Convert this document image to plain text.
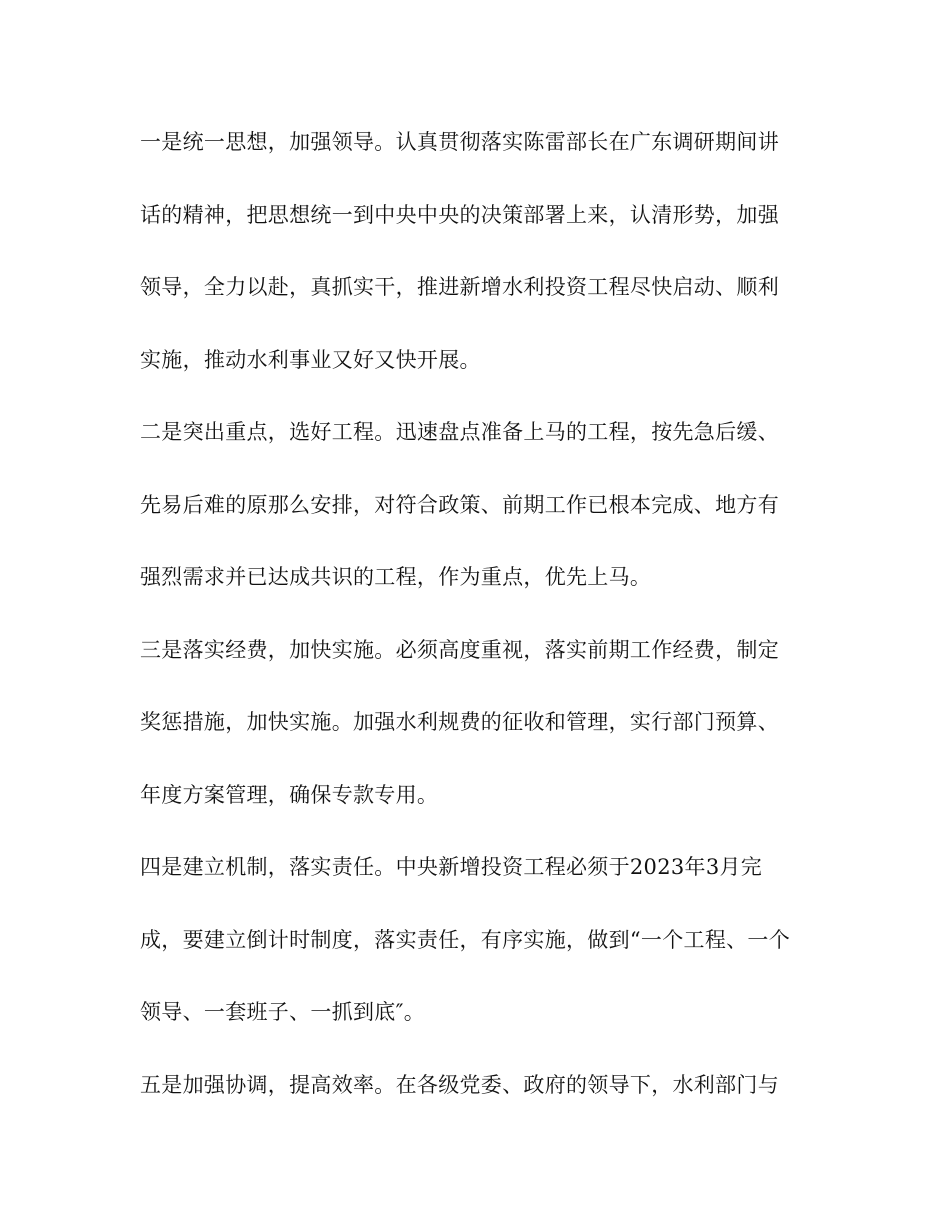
一是统一思想，加强领导。认真贯彻落实陈雷部长在广东调研期间讲
话的精神，把思想统一到中央中央的决策部署上来，认清形势，加强
领导，全力以赴，真抓实干，推进新增水利投资工程尽快启动、顺利
实施，推动水利事业又好又快开展。
二是突出重点，选好工程。迅速盘点准备上马的工程，按先急后缓、
先易后难的原那么安排，对符合政策、前期工作已根本完成、地方有
强烈需求并已达成共识的工程，作为重点，优先上马。
三是落实经费，加快实施。必须高度重视，落实前期工作经费，制定
奖惩措施，加快实施。加强水利规费的征收和管理，实行部门预算、
年度方案管理，确保专款专用。
四是建立机制，落实责任。中央新增投资工程必须于2023年3月完
成，要建立倒计时制度，落实责任，有序实施，做到“一个工程、一个
领导、一套班子、一抓到底″。
五是加强协调，提高效率。在各级党委、政府的领导下，水利部门与
